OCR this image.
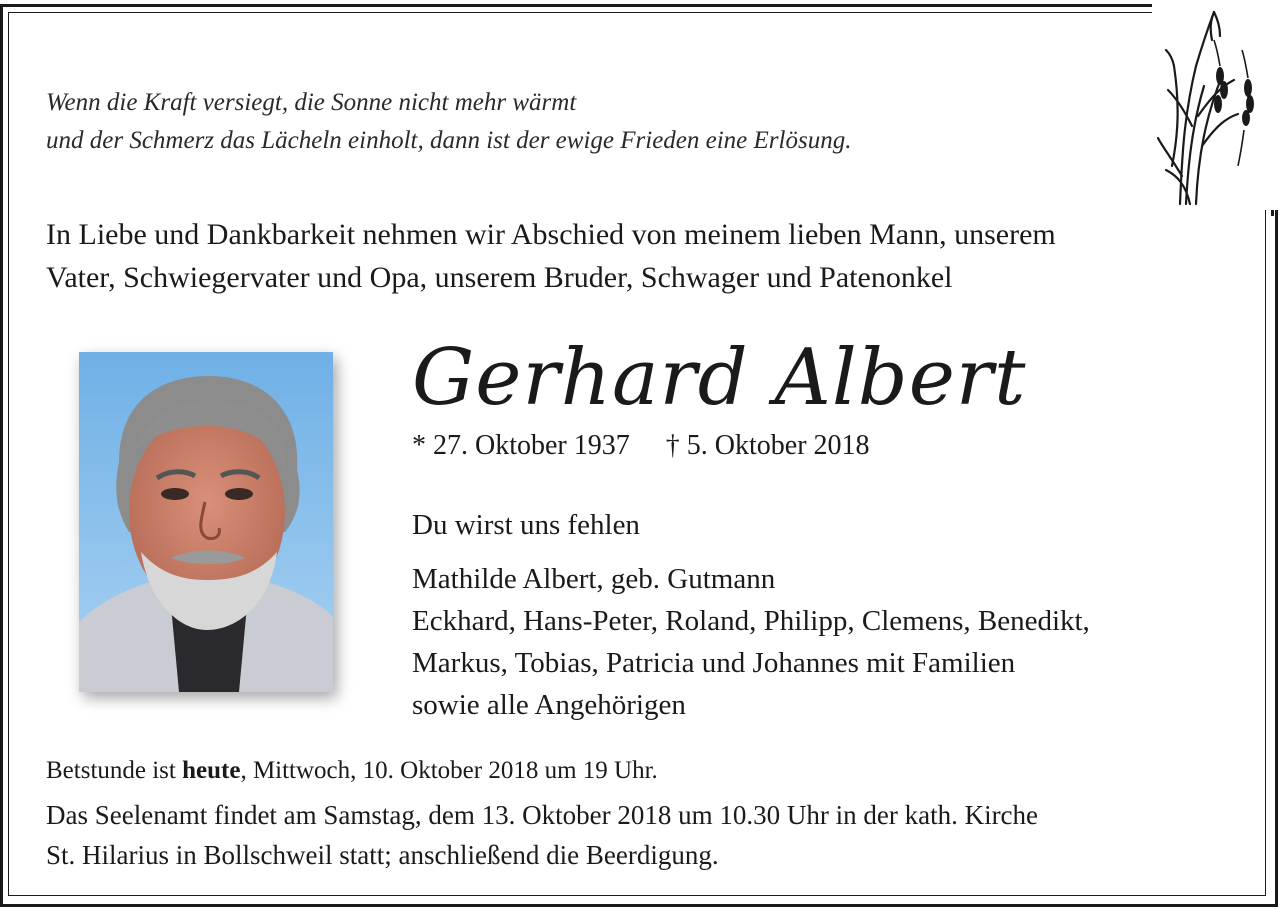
Wenn die Kraft versiegt, die Sonne nicht mehr wärmt
und der Schmerz das Lächeln einholt, dann ist der ewige Frieden eine Erlösung.
In Liebe und Dankbarkeit nehmen wir Abschied von meinem lieben Mann, unserem
Vater, Schwiegervater und Opa, unserem Bruder, Schwager und Patenonkel
Gerhard Albert
* 27. Oktober 1937 † 5. Oktober 2018
Du wirst uns fehlen
Mathilde Albert, geb. Gutmann
Eckhard, Hans-Peter, Roland, Philipp, Clemens, Benedikt,
Markus, Tobias, Patricia und Johannes mit Familien
sowie alle Angehörigen
Betstunde ist heute, Mittwoch, 10. Oktober 2018 um 19 Uhr.
Das Seelenamt findet am Samstag, dem 13. Oktober 2018 um 10.30 Uhr in der kath. Kirche
St. Hilarius in Bollschweil statt; anschließend die Beerdigung.
